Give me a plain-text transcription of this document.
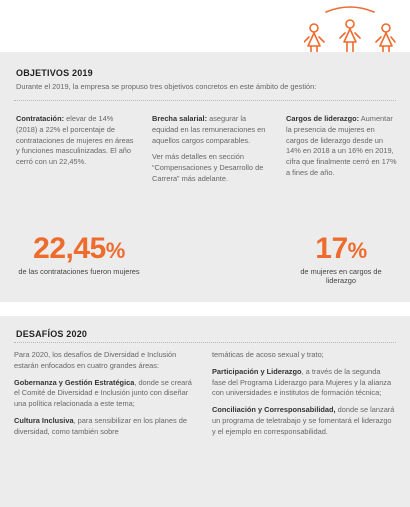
OBJETIVOS 2019
Durante el 2019, la empresa se propuso tres objetivos concretos en este ámbito de gestión:

Contratación: elevar de 14% (2018) a 22% el porcentaje de contrataciones de mujeres en áreas y funciones masculinizadas. El año cerró con un 22,45%.

Brecha salarial: asegurar la equidad en las remuneraciones en aquellos cargos comparables.

Ver más detalles en sección “Compensaciones y Desarrollo de Carrera” más adelante.

Cargos de liderazgo: Aumentar la presencia de mujeres en cargos de liderazgo desde un 14% en 2018 a un 16% en 2019, cifra que finalmente cerró en 17% a fines de año.

22,45%
de las contrataciones fueron mujeres
17%
de mujeres en cargos de liderazgo
DESAFÍOS 2020

Para 2020, los desafíos de Diversidad e Inclusión estarán enfocados en cuatro grandes áreas:

Gobernanza y Gestión Estratégica, donde se creará el Comité de Diversidad e Inclusión junto con diseñar una política relacionada a este tema;

Cultura Inclusiva, para sensibilizar en los planes de diversidad, como también sobre

temáticas de acoso sexual y trato;

Participación y Liderazgo, a través de la segunda fase del Programa Liderazgo para Mujeres y la alianza con universidades e institutos de formación técnica;

Conciliación y Corresponsabilidad, donde se lanzará un programa de teletrabajo y se fomentará el liderazgo y el ejemplo en corresponsabilidad.
